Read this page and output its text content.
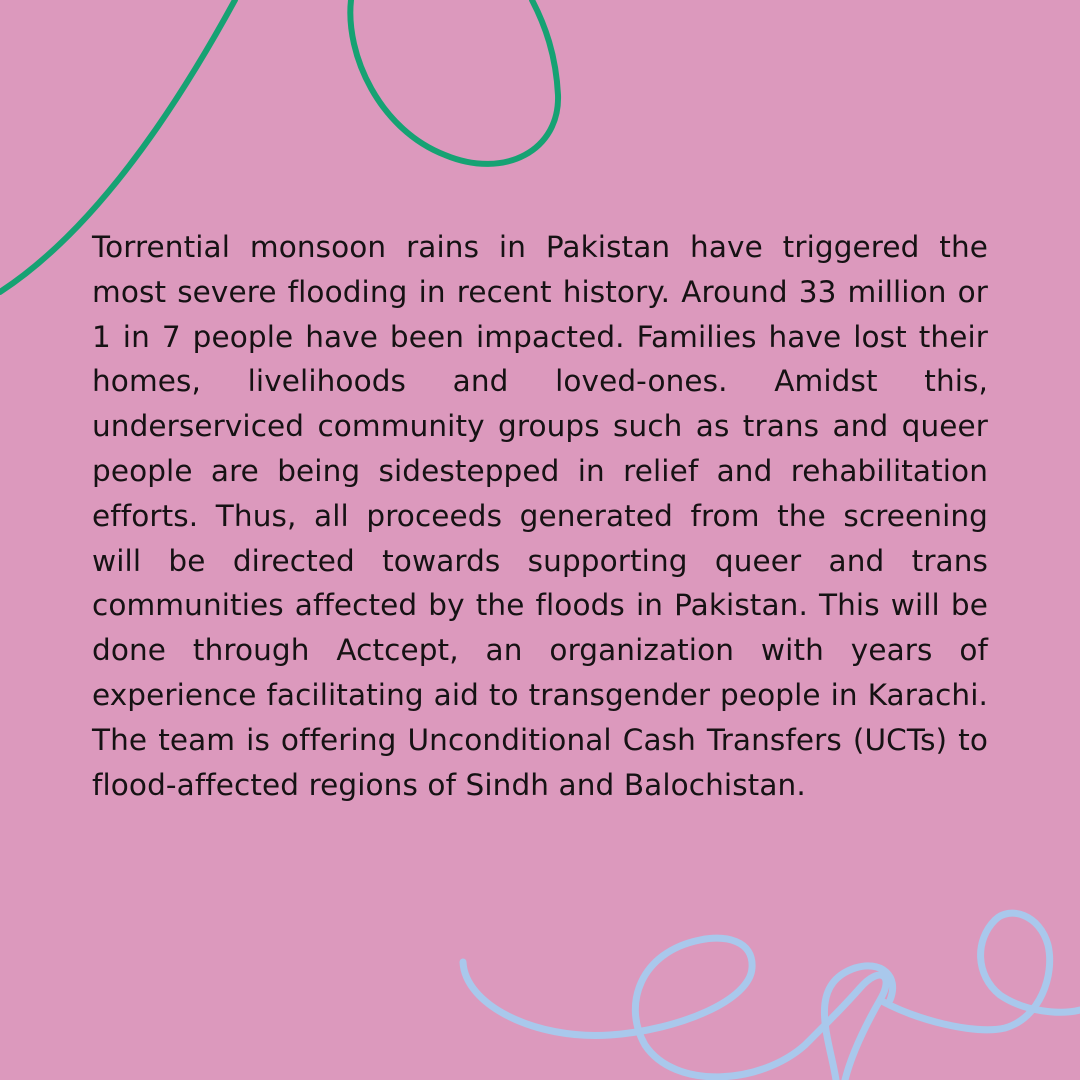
Torrential monsoon rains in Pakistan have triggered the most severe flooding in recent history. Around 33 million or 1 in 7 people have been impacted. Families have lost their homes, livelihoods and loved-ones. Amidst this, underserviced community groups such as trans and queer people are being sidestepped in relief and rehabilitation efforts. Thus, all proceeds generated from the screening will be directed towards supporting queer and trans communities affected by the floods in Pakistan. This will be done through Actcept, an organization with years of experience facilitating aid to transgender people in Karachi. The team is offering Unconditional Cash Transfers (UCTs) to flood-affected regions of Sindh and Balochistan.
